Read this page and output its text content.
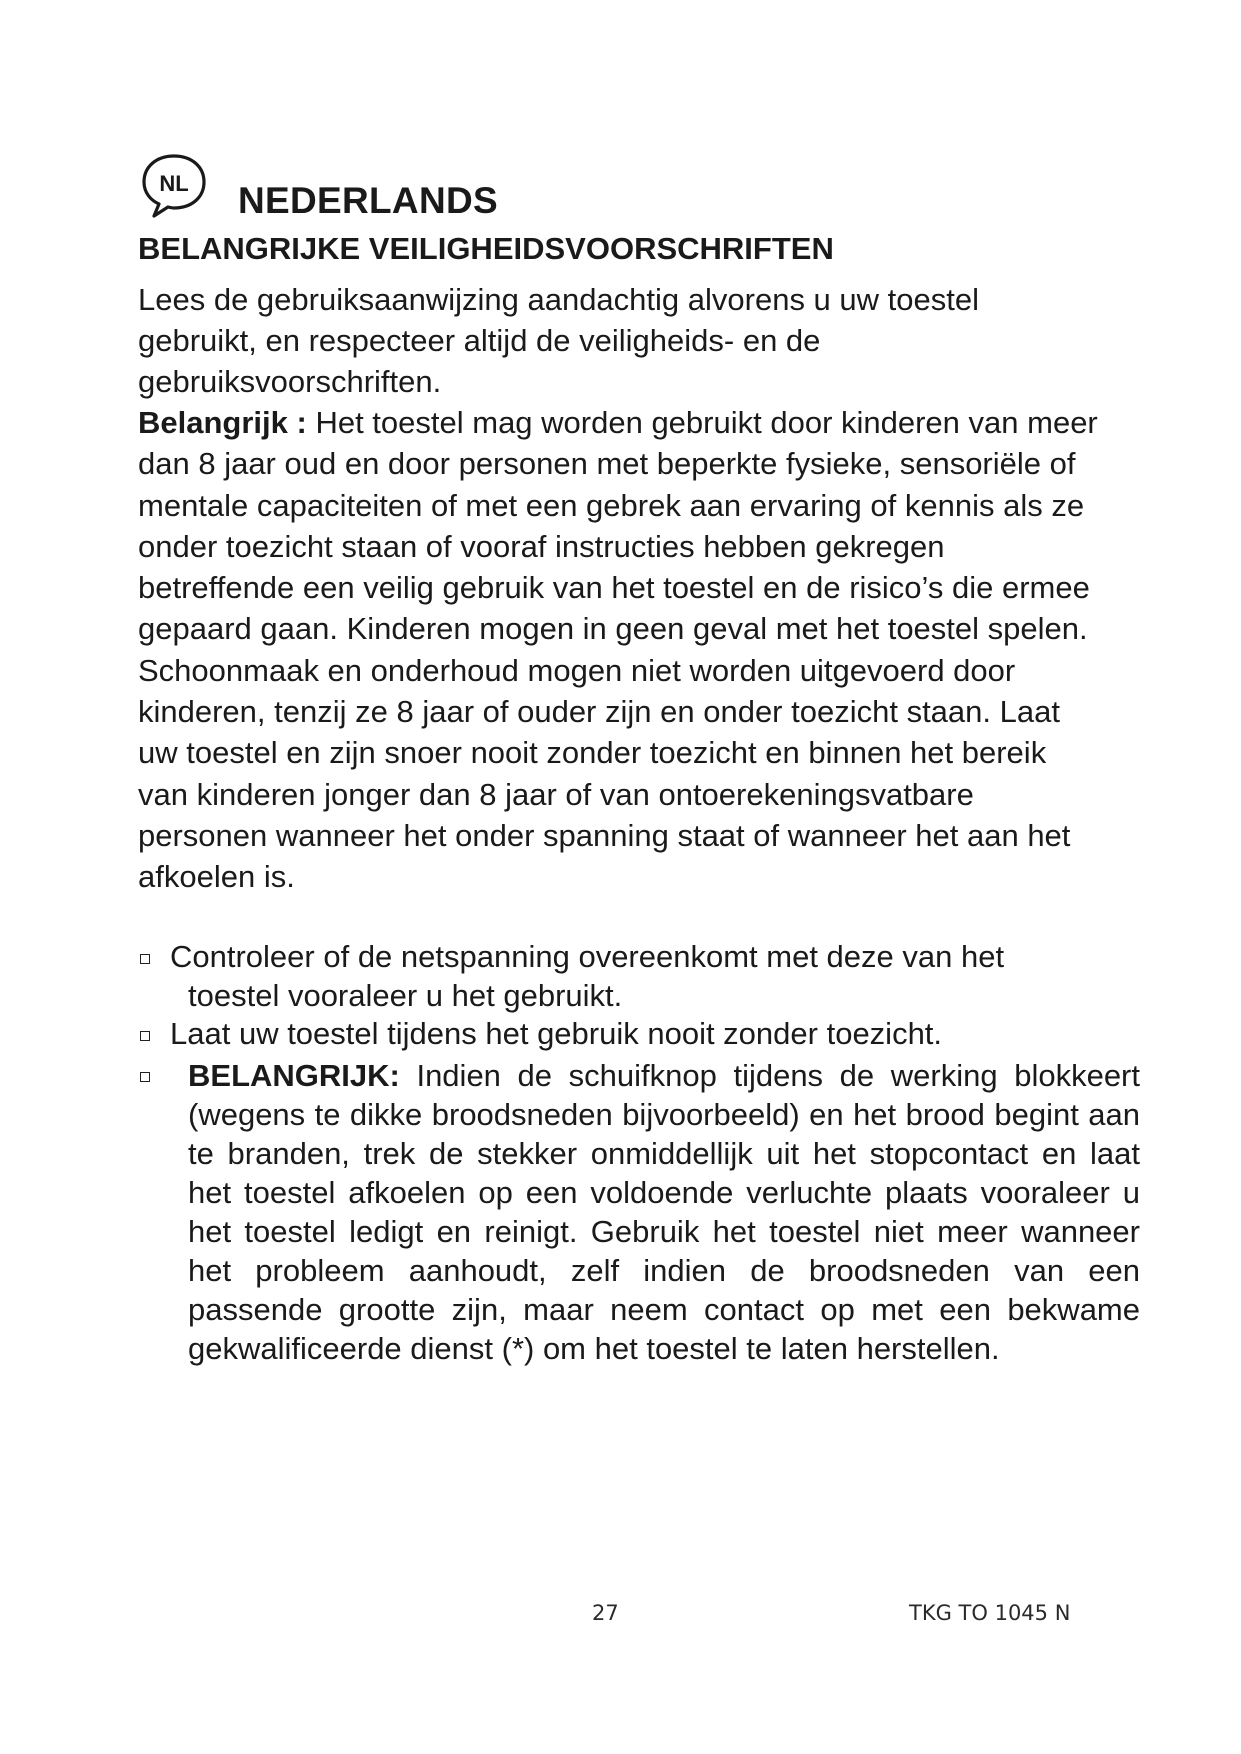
NL NEDERLANDS
BELANGRIJKE VEILIGHEIDSVOORSCHRIFTEN

Lees de gebruiksaanwijzing aandachtig alvorens u uw toestel gebruikt, en respecteer altijd de veiligheids- en de gebruiksvoorschriften.

Belangrijk : Het toestel mag worden gebruikt door kinderen van meer dan 8 jaar oud en door personen met beperkte fysieke, sensoriële of mentale capaciteiten of met een gebrek aan ervaring of kennis als ze onder toezicht staan of vooraf instructies hebben gekregen betreffende een veilig gebruik van het toestel en de risico’s die ermee gepaard gaan. Kinderen mogen in geen geval met het toestel spelen. Schoonmaak en onderhoud mogen niet worden uitgevoerd door kinderen, tenzij ze 8 jaar of ouder zijn en onder toezicht staan. Laat uw toestel en zijn snoer nooit zonder toezicht en binnen het bereik van kinderen jonger dan 8 jaar of van ontoerekeningsvatbare personen wanneer het onder spanning staat of wanneer het aan het afkoelen is.

Controleer of de netspanning overeenkomt met deze van het
toestel vooraleer u het gebruikt.
Laat uw toestel tijdens het gebruik nooit zonder toezicht.
BELANGRIJK: Indien de schuifknop tijdens de werking blokkeert (wegens te dikke broodsneden bijvoorbeeld) en het brood begint aan te branden, trek de stekker onmiddellijk uit het stopcontact en laat het toestel afkoelen op een voldoende verluchte plaats vooraleer u het toestel ledigt en reinigt. Gebruik het toestel niet meer wanneer het probleem aanhoudt, zelf indien de broodsneden van een passende grootte zijn, maar neem contact op met een bekwame gekwalificeerde dienst (*) om het toestel te laten herstellen.
27	TKG TO 1045 N
